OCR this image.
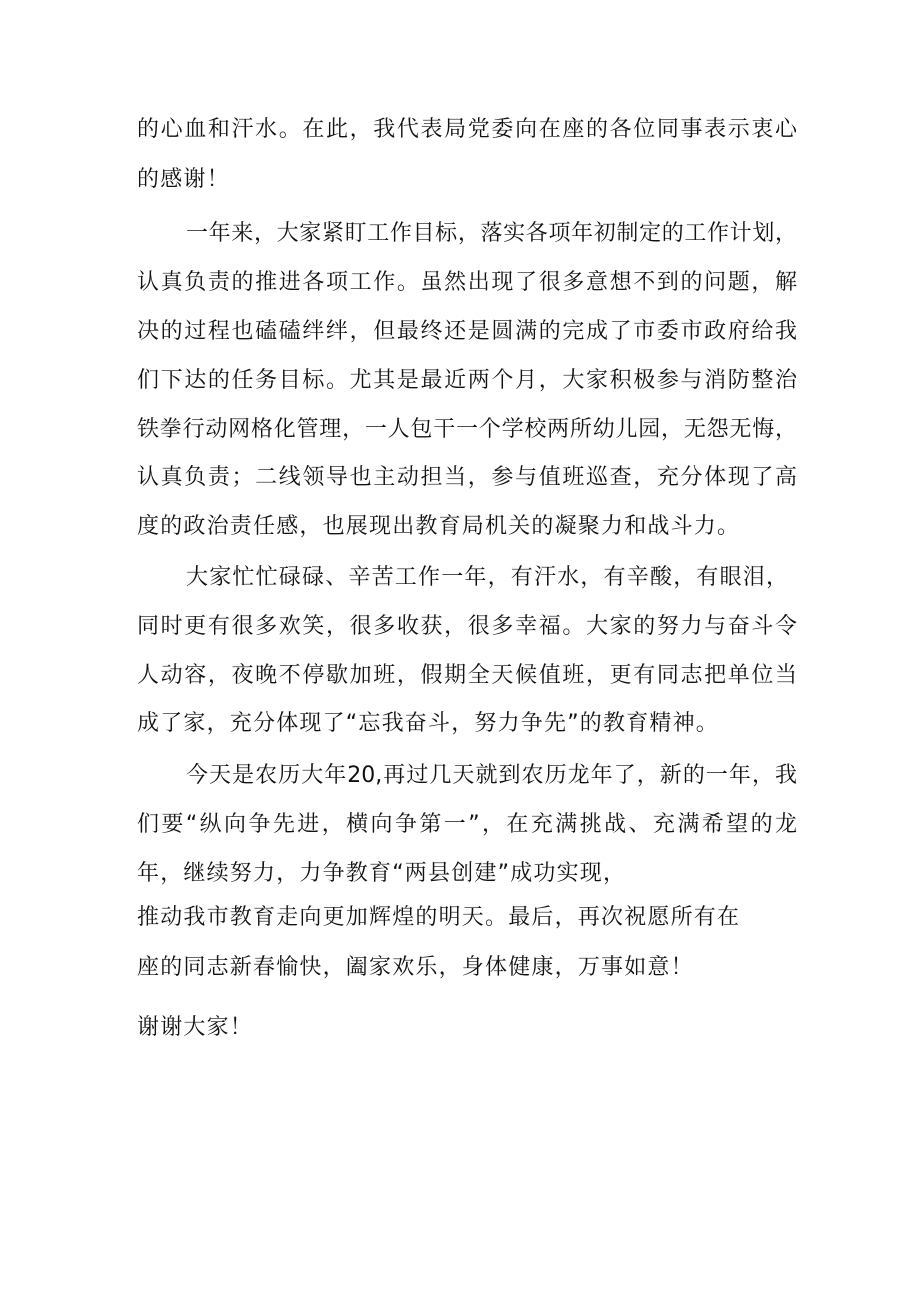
的心血和汗水。在此，我代表局党委向在座的各位同事表示衷心

的感谢！

一年来，大家紧盯工作目标，落实各项年初制定的工作计划，

认真负责的推进各项工作。虽然出现了很多意想不到的问题，解

决的过程也磕磕绊绊，但最终还是圆满的完成了市委市政府给我

们下达的任务目标。尤其是最近两个月，大家积极参与消防整治

铁拳行动网格化管理，一人包干一个学校两所幼儿园，无怨无悔，

认真负责；二线领导也主动担当，参与值班巡查，充分体现了高

度的政治责任感，也展现出教育局机关的凝聚力和战斗力。

大家忙忙碌碌、辛苦工作一年，有汗水，有辛酸，有眼泪，

同时更有很多欢笑，很多收获，很多幸福。大家的努力与奋斗令

人动容，夜晚不停歇加班，假期全天候值班，更有同志把单位当

成了家，充分体现了“忘我奋斗，努力争先”的教育精神。

今天是农历大年20,再过几天就到农历龙年了，新的一年，我

们要“纵向争先进，横向争第一”，在充满挑战、充满希望的龙

年，继续努力，力争教育“两县创建”成功实现，

推动我市教育走向更加辉煌的明天。最后，再次祝愿所有在

座的同志新春愉快，阖家欢乐，身体健康，万事如意！

谢谢大家！
